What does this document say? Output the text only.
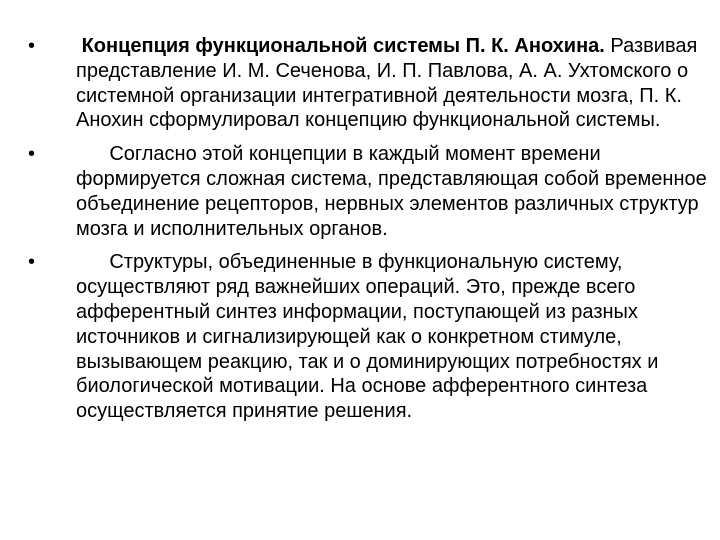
• Концепция функциональной системы П. К. Анохина. Развивая представление И. М. Сеченова, И. П. Павлова, А. А. Ухтомского о системной организации интегративной деятельности мозга, П. К. Анохин сформулировал концепцию функциональной системы.
• Согласно этой концепции в каждый момент времени формируется сложная система, представляющая собой временное объединение рецепторов, нервных элементов различных структур мозга и исполнительных органов.
• Структуры, объединенные в функциональную систему, осуществляют ряд важнейших операций. Это, прежде всего афферентный синтез информации, поступающей из разных источников и сигнализирующей как о конкретном стимуле, вызывающем реакцию, так и о доминирующих потребностях и биологической мотивации. На основе афферентного синтеза осуществляется принятие решения.
